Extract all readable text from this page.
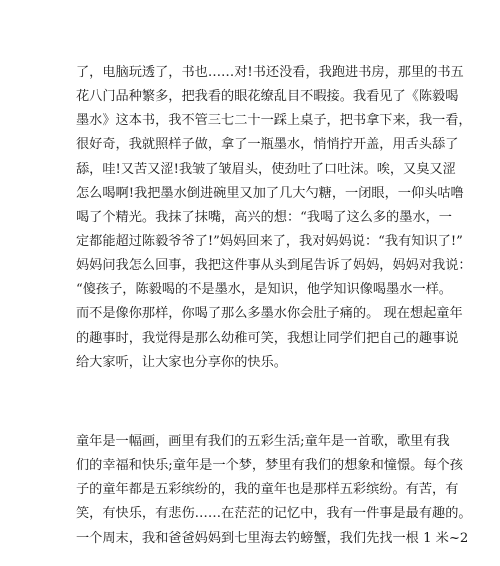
了，电脑玩透了，书也……对!书还没看，我跑进书房，那里的书五
花八门品种繁多，把我看的眼花缭乱目不暇接。我看见了《陈毅喝
墨水》这本书，我不管三七二十一踩上桌子，把书拿下来，我一看，
很好奇，我就照样子做，拿了一瓶墨水，悄悄拧开盖，用舌头舔了
舔，哇!又苦又涩!我皱了皱眉头，使劲吐了口吐沫。唉，又臭又涩
怎么喝啊!我把墨水倒进碗里又加了几大勺糖，一闭眼，一仰头咕噜
喝了个精光。我抹了抹嘴，高兴的想：“我喝了这么多的墨水，一
定都能超过陈毅爷爷了!”妈妈回来了，我对妈妈说：“我有知识了!”
妈妈问我怎么回事，我把这件事从头到尾告诉了妈妈，妈妈对我说：
“傻孩子，陈毅喝的不是墨水，是知识，他学知识像喝墨水一样。
而不是像你那样，你喝了那么多墨水你会肚子痛的。 现在想起童年
的趣事时，我觉得是那么幼稚可笑，我想让同学们把自己的趣事说
给大家听，让大家也分享你的快乐。
童年是一幅画，画里有我们的五彩生活;童年是一首歌，歌里有我
们的幸福和快乐;童年是一个梦，梦里有我们的想象和憧憬。每个孩
子的童年都是五彩缤纷的，我的童年也是那样五彩缤纷。有苦，有
笑，有快乐，有悲伤……在茫茫的记忆中，我有一件事是最有趣的。
一个周末，我和爸爸妈妈到七里海去钓螃蟹，我们先找一根 1 米~2
